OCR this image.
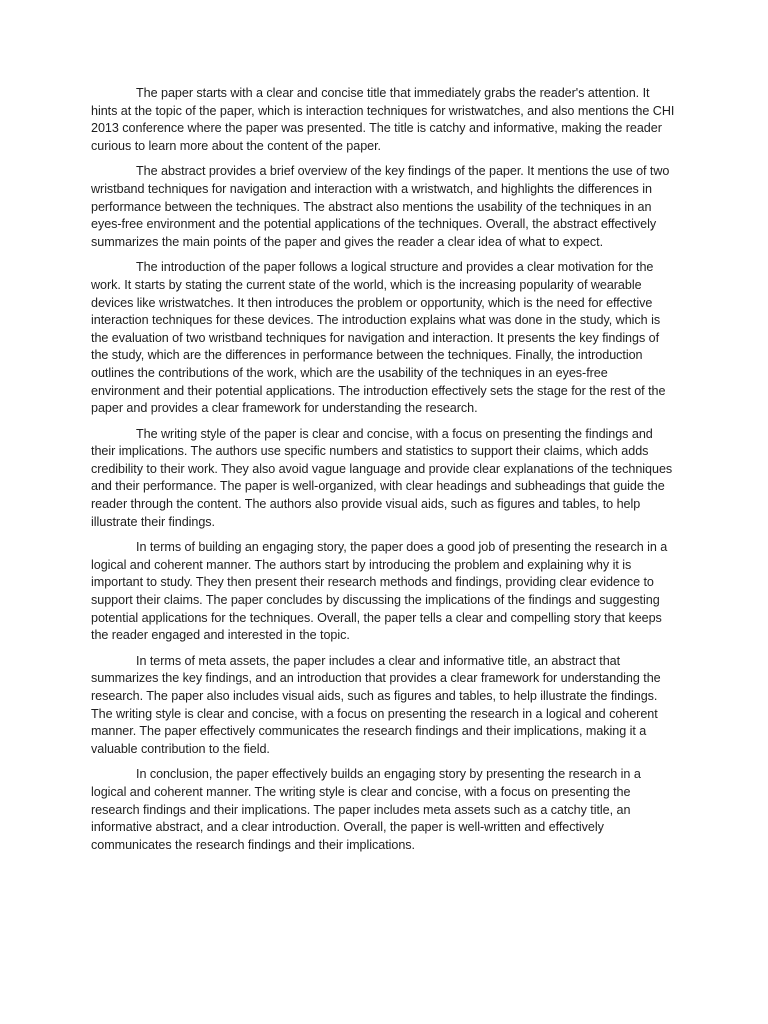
The paper starts with a clear and concise title that immediately grabs the reader's attention. It hints at the topic of the paper, which is interaction techniques for wristwatches, and also mentions the CHI 2013 conference where the paper was presented. The title is catchy and informative, making the reader curious to learn more about the content of the paper.

The abstract provides a brief overview of the key findings of the paper. It mentions the use of two wristband techniques for navigation and interaction with a wristwatch, and highlights the differences in performance between the techniques. The abstract also mentions the usability of the techniques in an eyes-free environment and the potential applications of the techniques. Overall, the abstract effectively summarizes the main points of the paper and gives the reader a clear idea of what to expect.

The introduction of the paper follows a logical structure and provides a clear motivation for the work. It starts by stating the current state of the world, which is the increasing popularity of wearable devices like wristwatches. It then introduces the problem or opportunity, which is the need for effective interaction techniques for these devices. The introduction explains what was done in the study, which is the evaluation of two wristband techniques for navigation and interaction. It presents the key findings of the study, which are the differences in performance between the techniques. Finally, the introduction outlines the contributions of the work, which are the usability of the techniques in an eyes-free environment and their potential applications. The introduction effectively sets the stage for the rest of the paper and provides a clear framework for understanding the research.

The writing style of the paper is clear and concise, with a focus on presenting the findings and their implications. The authors use specific numbers and statistics to support their claims, which adds credibility to their work. They also avoid vague language and provide clear explanations of the techniques and their performance. The paper is well-organized, with clear headings and subheadings that guide the reader through the content. The authors also provide visual aids, such as figures and tables, to help illustrate their findings.

In terms of building an engaging story, the paper does a good job of presenting the research in a logical and coherent manner. The authors start by introducing the problem and explaining why it is important to study. They then present their research methods and findings, providing clear evidence to support their claims. The paper concludes by discussing the implications of the findings and suggesting potential applications for the techniques. Overall, the paper tells a clear and compelling story that keeps the reader engaged and interested in the topic.

In terms of meta assets, the paper includes a clear and informative title, an abstract that summarizes the key findings, and an introduction that provides a clear framework for understanding the research. The paper also includes visual aids, such as figures and tables, to help illustrate the findings. The writing style is clear and concise, with a focus on presenting the research in a logical and coherent manner. The paper effectively communicates the research findings and their implications, making it a valuable contribution to the field.

In conclusion, the paper effectively builds an engaging story by presenting the research in a logical and coherent manner. The writing style is clear and concise, with a focus on presenting the research findings and their implications. The paper includes meta assets such as a catchy title, an informative abstract, and a clear introduction. Overall, the paper is well-written and effectively communicates the research findings and their implications.
